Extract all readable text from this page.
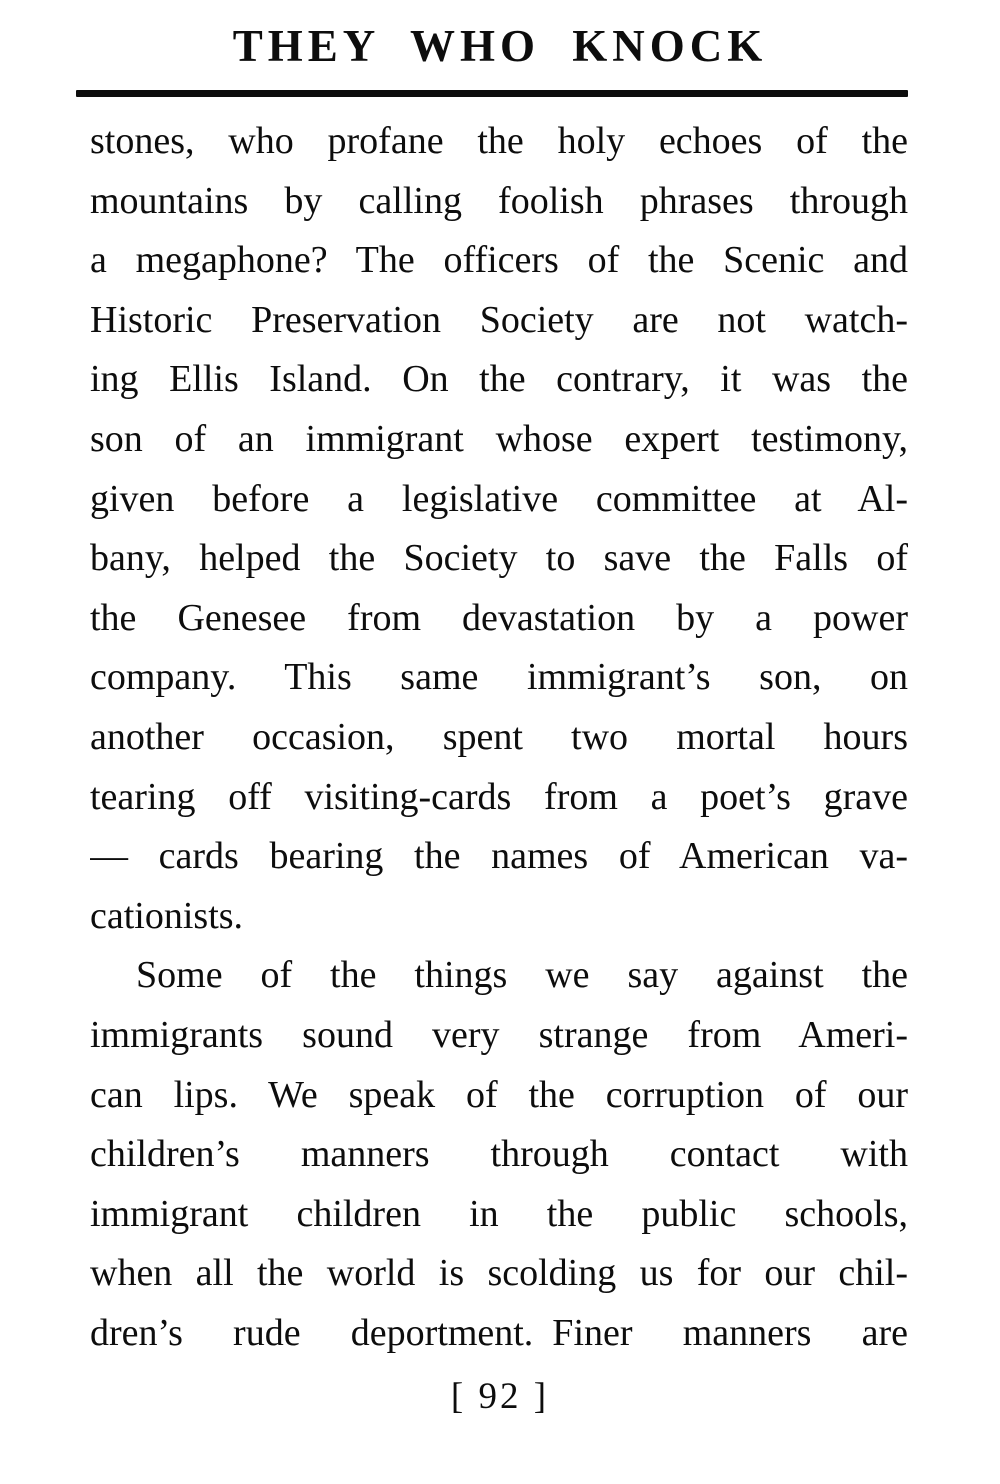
THEY WHO KNOCK
stones, who profane the holy echoes of the
mountains by calling foolish phrases through
a megaphone? The officers of the Scenic and
Historic Preservation Society are not watch-
ing Ellis Island. On the contrary, it was the
son of an immigrant whose expert testimony,
given before a legislative committee at Al-
bany, helped the Society to save the Falls of
the Genesee from devastation by a power
company. This same immigrant’s son, on
another occasion, spent two mortal hours
tearing off visiting-cards from a poet’s grave
— cards bearing the names of American va-
cationists.
Some of the things we say against the
immigrants sound very strange from Ameri-
can lips. We speak of the corruption of our
children’s manners through contact with
immigrant children in the public schools,
when all the world is scolding us for our chil-
dren’s rude deportment. Finer manners are
[ 92 ]
